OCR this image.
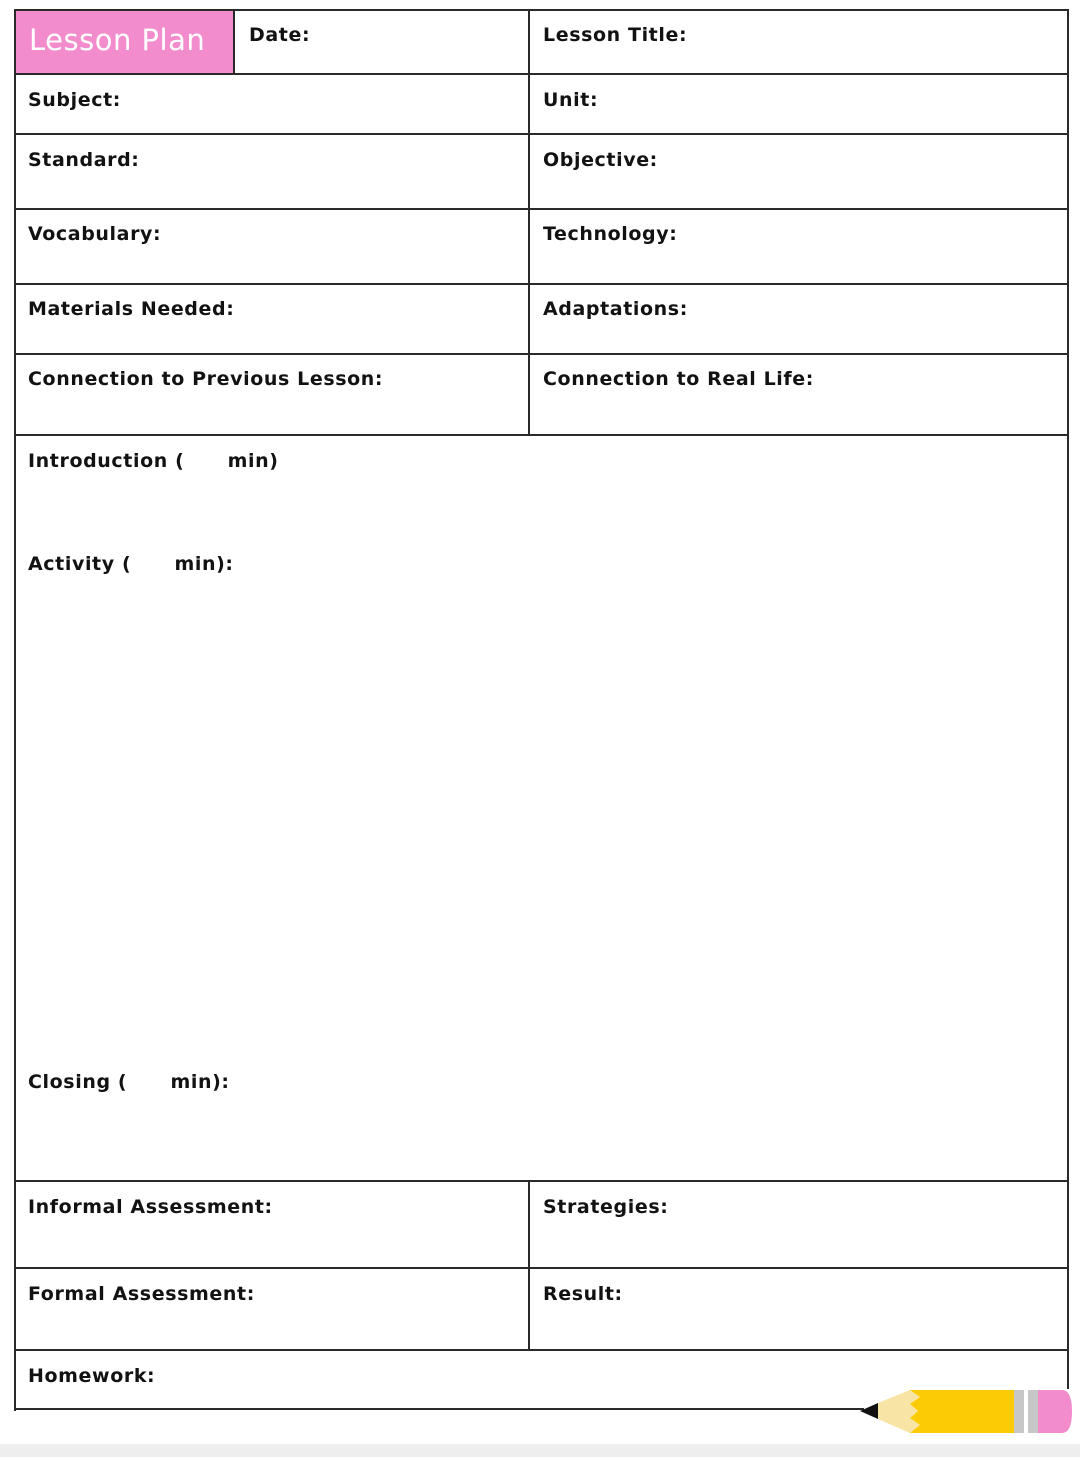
Lesson Plan	Date:	Lesson Title:
Subject:	Unit:
Standard:	Objective:
Vocabulary:	Technology:
Materials Needed:	Adaptations:
Connection to Previous Lesson:	Connection to Real Life:
Introduction (      min)
Activity (      min):
Closing (      min):
Informal Assessment:	Strategies:
Formal Assessment:	Result:
Homework:
